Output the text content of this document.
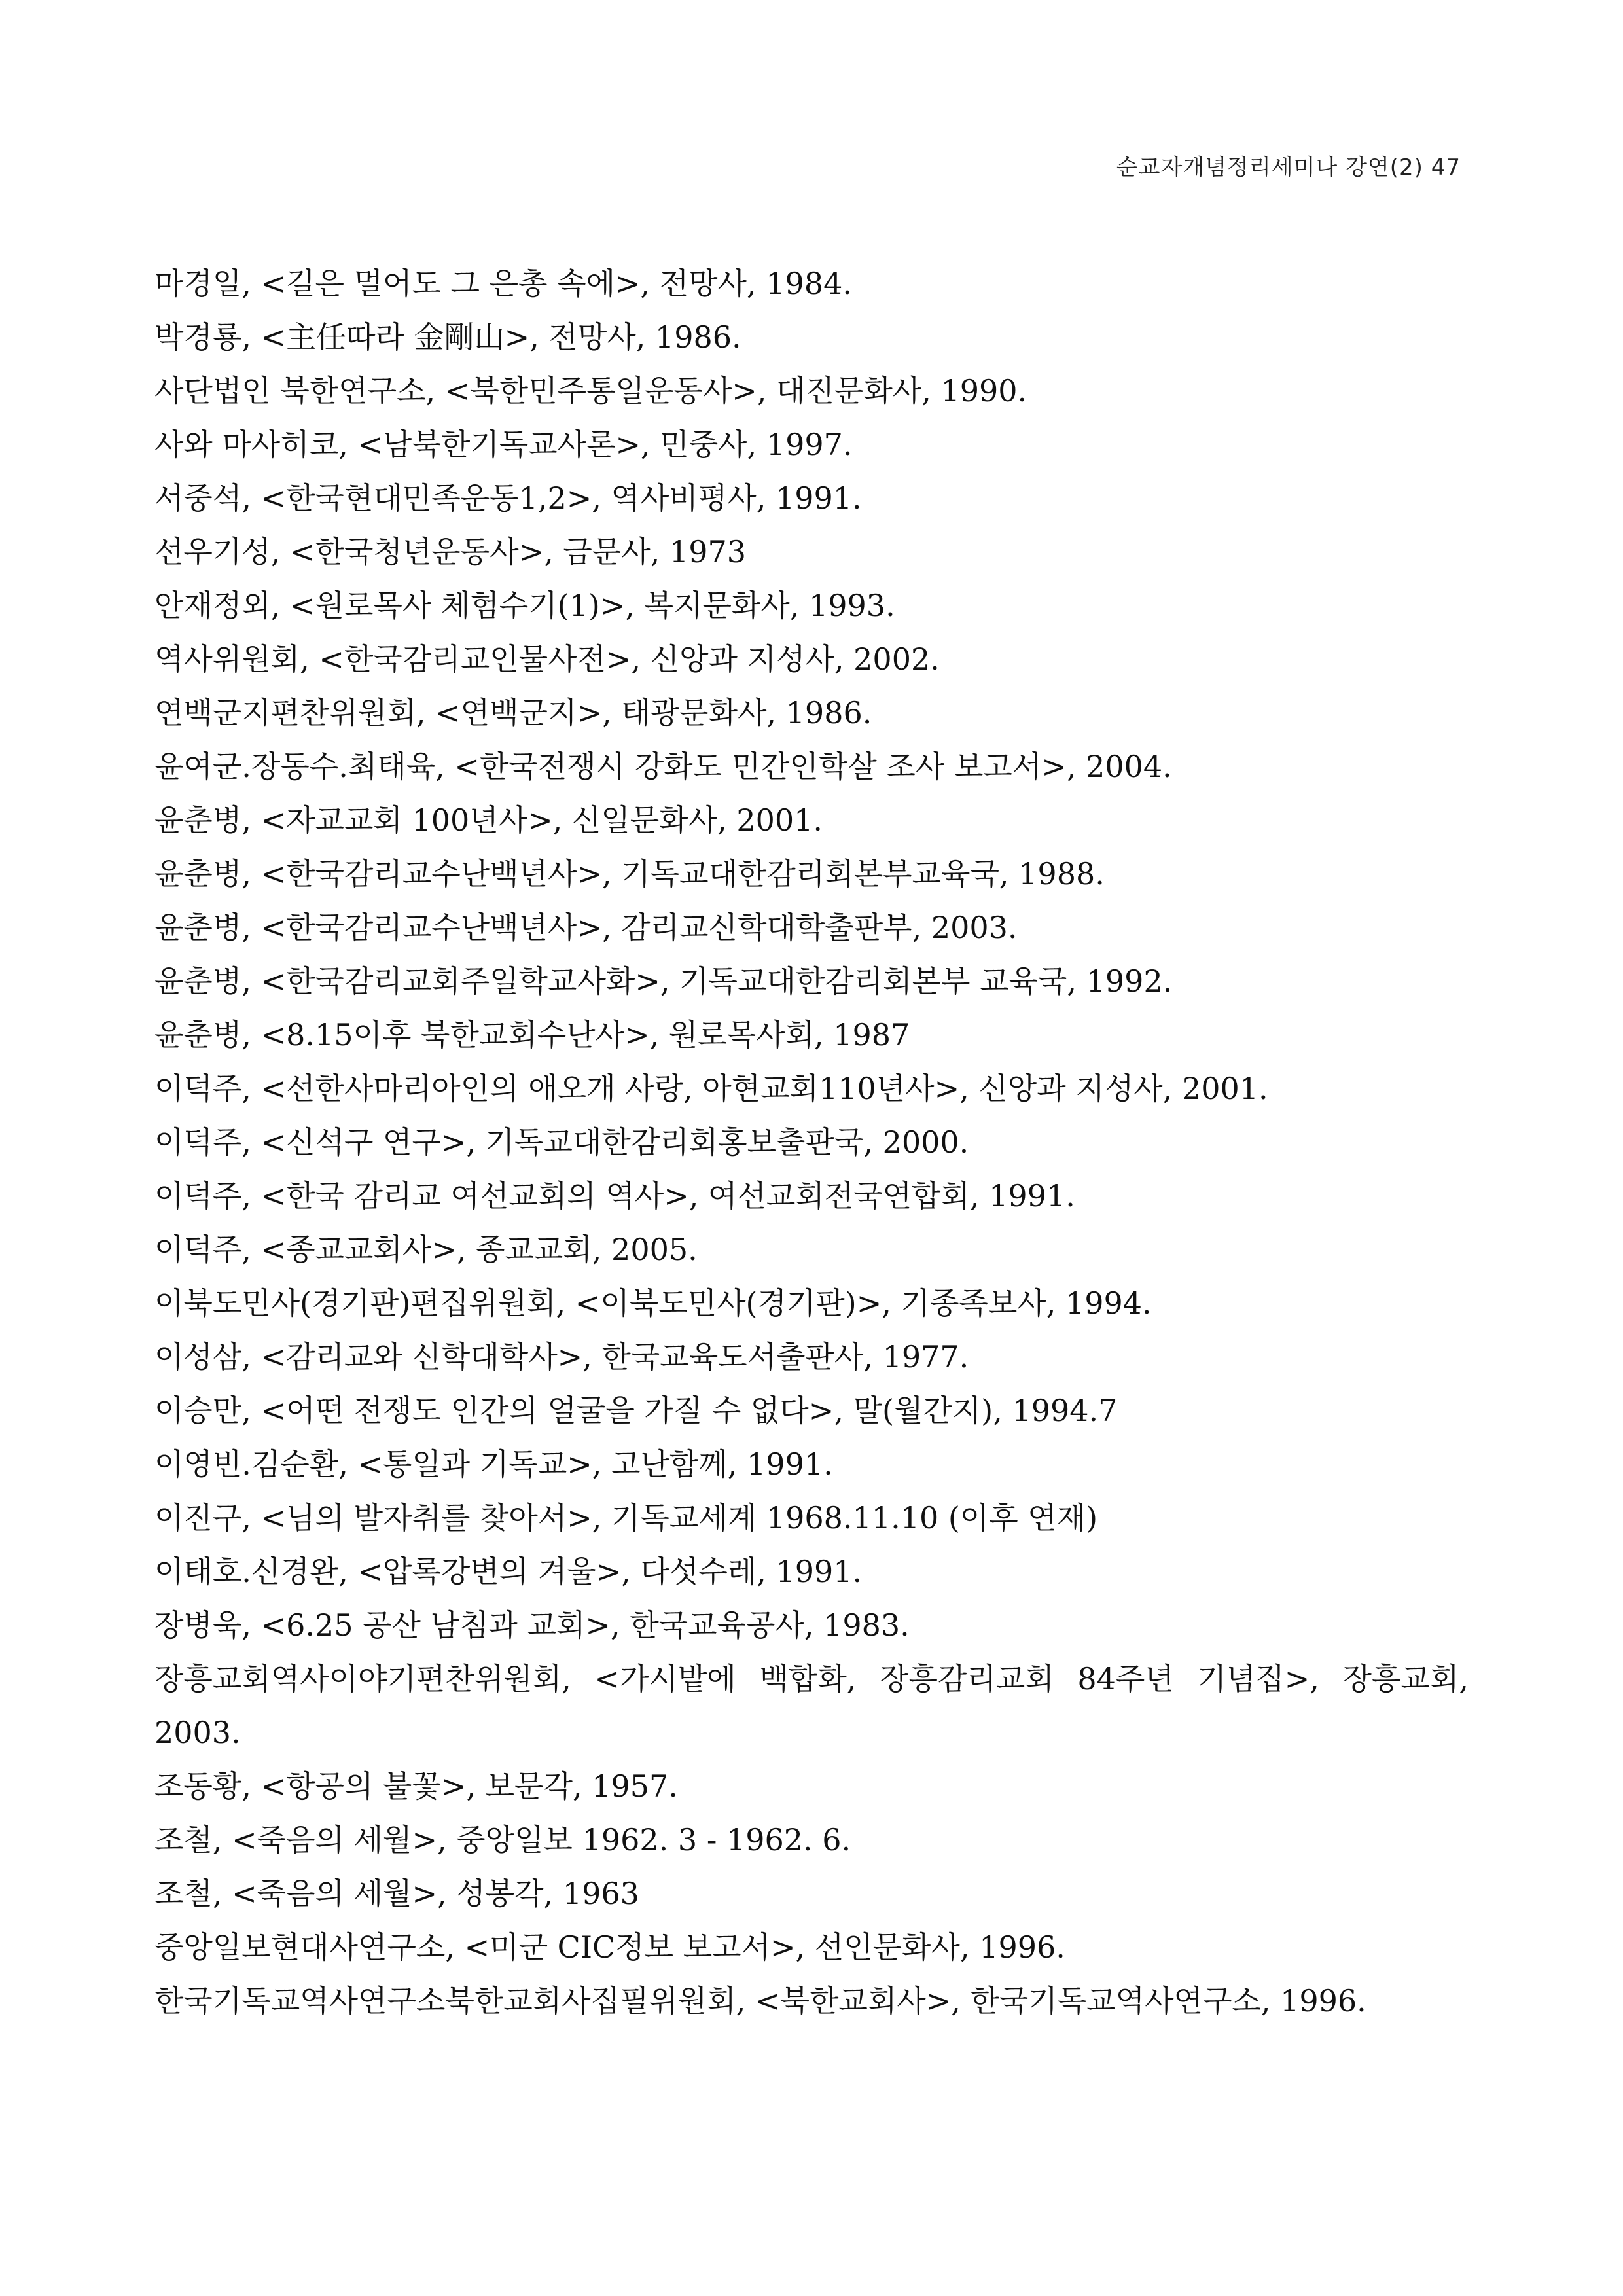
순교자개념정리세미나 강연(2) 47
마경일, <길은 멀어도 그 은총 속에>, 전망사, 1984.
박경룡, <主任따라 金剛山>, 전망사, 1986.
사단법인 북한연구소, <북한민주통일운동사>, 대진문화사, 1990.
사와 마사히코, <남북한기독교사론>, 민중사, 1997.
서중석, <한국현대민족운동1,2>, 역사비평사, 1991.
선우기성, <한국청년운동사>, 금문사, 1973
안재정외, <원로목사 체험수기(1)>, 복지문화사, 1993.
역사위원회, <한국감리교인물사전>, 신앙과 지성사, 2002.
연백군지편찬위원회, <연백군지>, 태광문화사, 1986.
윤여군.장동수.최태육, <한국전쟁시 강화도 민간인학살 조사 보고서>, 2004.
윤춘병, <자교교회 100년사>, 신일문화사, 2001.
윤춘병, <한국감리교수난백년사>, 기독교대한감리회본부교육국, 1988.
윤춘병, <한국감리교수난백년사>, 감리교신학대학출판부, 2003.
윤춘병, <한국감리교회주일학교사화>, 기독교대한감리회본부 교육국, 1992.
윤춘병, <8.15이후 북한교회수난사>, 원로목사회, 1987
이덕주, <선한사마리아인의 애오개 사랑, 아현교회110년사>, 신앙과 지성사, 2001.
이덕주, <신석구 연구>, 기독교대한감리회홍보출판국, 2000.
이덕주, <한국 감리교 여선교회의 역사>, 여선교회전국연합회, 1991.
이덕주, <종교교회사>, 종교교회, 2005.
이북도민사(경기판)편집위원회, <이북도민사(경기판)>, 기종족보사, 1994.
이성삼, <감리교와 신학대학사>, 한국교육도서출판사, 1977.
이승만, <어떤 전쟁도 인간의 얼굴을 가질 수 없다>, 말(월간지), 1994.7
이영빈.김순환, <통일과 기독교>, 고난함께, 1991.
이진구, <님의 발자취를 찾아서>, 기독교세계 1968.11.10 (이후 연재)
이태호.신경완, <압록강변의 겨울>, 다섯수레, 1991.
장병욱, <6.25 공산 남침과 교회>, 한국교육공사, 1983.
장흥교회역사이야기편찬위원회, <가시밭에 백합화, 장흥감리교회 84주년 기념집>, 장흥교회, 2003.
조동황, <항공의 불꽃>, 보문각, 1957.
조철, <죽음의 세월>, 중앙일보 1962. 3 - 1962. 6.
조철, <죽음의 세월>, 성봉각, 1963
중앙일보현대사연구소, <미군 CIC정보 보고서>, 선인문화사, 1996.
한국기독교역사연구소북한교회사집필위원회, <북한교회사>, 한국기독교역사연구소, 1996.
